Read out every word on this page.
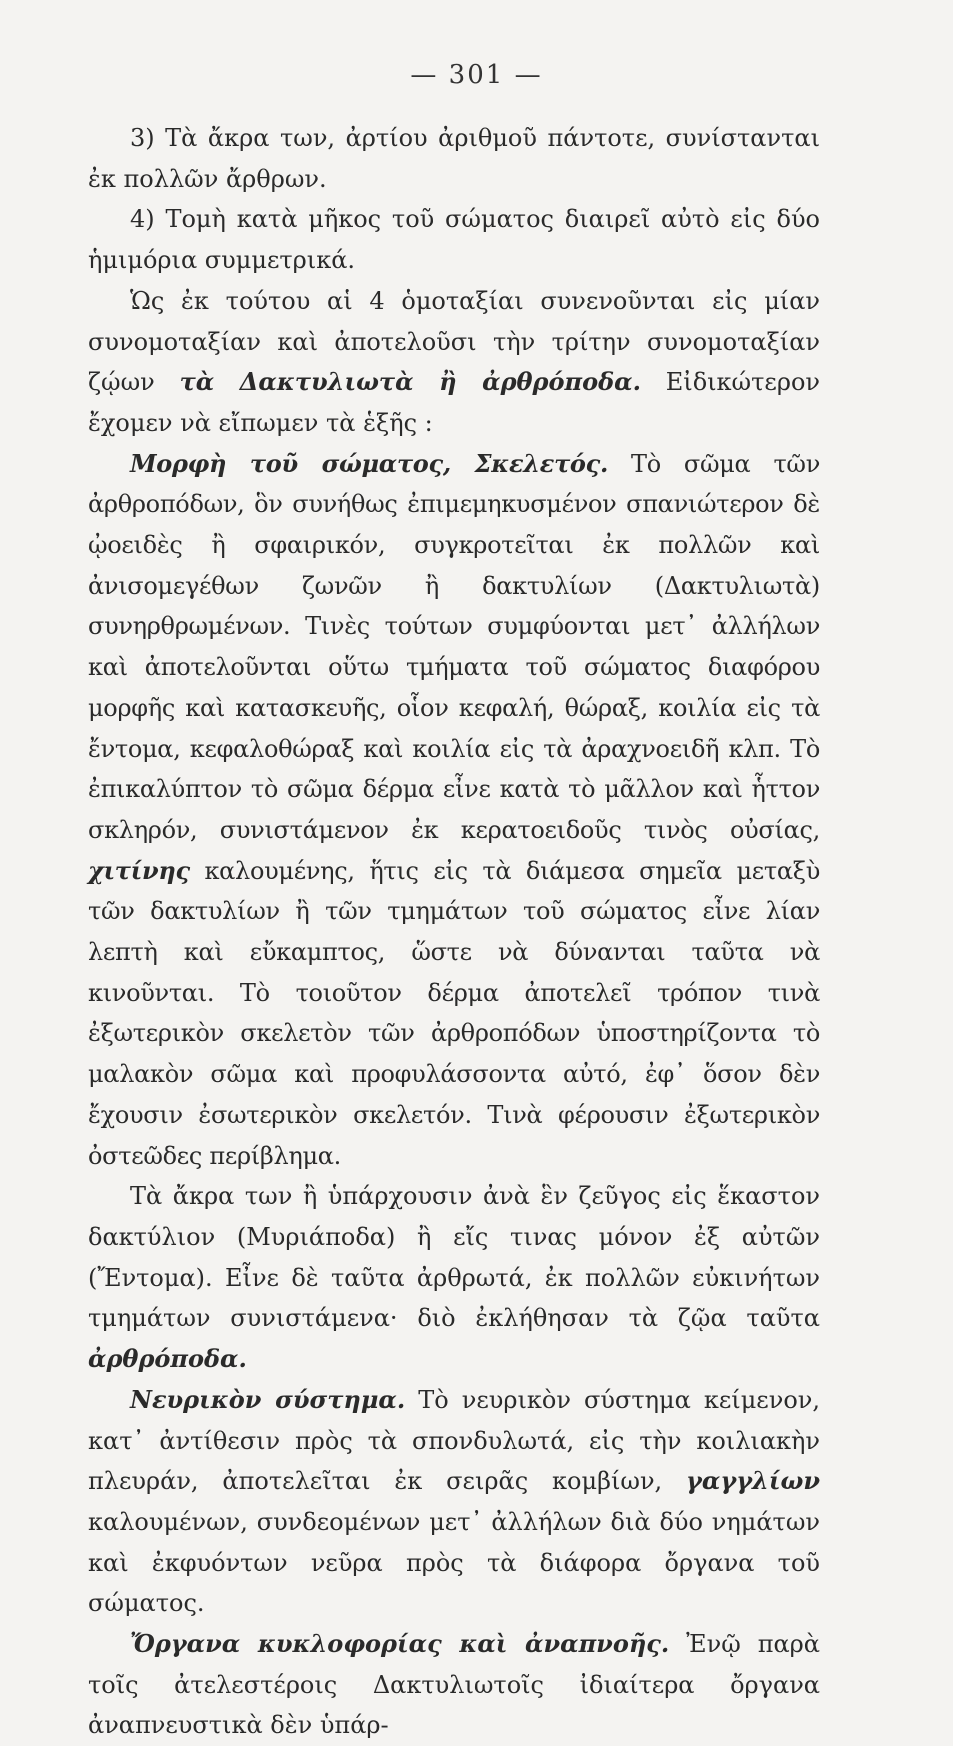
— 301 —

3) Τὰ ἄκρα των, ἀρτίου ἀριθμοῦ πάντοτε, συνίστανται ἐκ πολλῶν ἄρθρων.

4) Τομὴ κατὰ μῆκος τοῦ σώματος διαιρεῖ αὐτὸ εἰς δύο ἡμιμόρια συμμετρικά.

Ὡς ἐκ τούτου αἱ 4 ὁμοταξίαι συνενοῦνται εἰς μίαν συνομοταξίαν καὶ ἀποτελοῦσι τὴν τρίτην συνομοταξίαν ζῴων τὰ Δακτυλιωτὰ ἢ ἀρθρόποδα. Εἰδικώτερον ἔχομεν νὰ εἴπωμεν τὰ ἑξῆς :

Μορφὴ τοῦ σώματος, Σκελετός. Τὸ σῶμα τῶν ἀρθροπόδων, ὃν συνήθως ἐπιμεμηκυσμένον σπανιώτερον δὲ ᾠοειδὲς ἢ σφαιρικόν, συγκροτεῖται ἐκ πολλῶν καὶ ἀνισομεγέθων ζωνῶν ἢ δακτυλίων (Δακτυλιωτὰ) συνηρθρωμένων. Τινὲς τούτων συμφύονται μετ᾽ ἀλλήλων καὶ ἀποτελοῦνται οὕτω τμήματα τοῦ σώματος διαφόρου μορφῆς καὶ κατασκευῆς, οἷον κεφαλή, θώραξ, κοιλία εἰς τὰ ἔντομα, κεφαλοθώραξ καὶ κοιλία εἰς τὰ ἀραχνοειδῆ κλπ. Τὸ ἐπικαλύπτον τὸ σῶμα δέρμα εἶνε κατὰ τὸ μᾶλλον καὶ ἧττον σκληρόν, συνιστάμενον ἐκ κερατοειδοῦς τινὸς οὐσίας, χιτίνης καλουμένης, ἥτις εἰς τὰ διάμεσα σημεῖα μεταξὺ τῶν δακτυλίων ἢ τῶν τμημάτων τοῦ σώματος εἶνε λίαν λεπτὴ καὶ εὔκαμπτος, ὥστε νὰ δύνανται ταῦτα νὰ κινοῦνται. Τὸ τοιοῦτον δέρμα ἀποτελεῖ τρόπον τινὰ ἐξωτερικὸν σκελετὸν τῶν ἀρθροπόδων ὑποστηρίζοντα τὸ μαλακὸν σῶμα καὶ προφυλάσσοντα αὐτό, ἐφ᾽ ὅσον δὲν ἔχουσιν ἐσωτερικὸν σκελετόν. Τινὰ φέρουσιν ἐξωτερικὸν ὀστεῶδες περίβλημα.

Τὰ ἄκρα των ἢ ὑπάρχουσιν ἀνὰ ἓν ζεῦγος εἰς ἕκαστον δακτύλιον (Μυριάποδα) ἢ εἴς τινας μόνον ἐξ αὐτῶν (Ἔντομα). Εἶνε δὲ ταῦτα ἀρθρωτά, ἐκ πολλῶν εὐκινήτων τμημάτων συνιστάμενα· διὸ ἐκλήθησαν τὰ ζῷα ταῦτα ἀρθρόποδα.

Νευρικὸν σύστημα. Τὸ νευρικὸν σύστημα κείμενον, κατ᾽ ἀντίθεσιν πρὸς τὰ σπονδυλωτά, εἰς τὴν κοιλιακὴν πλευράν, ἀποτελεῖται ἐκ σειρᾶς κομβίων, γαγγλίων καλουμένων, συνδεομένων μετ᾽ ἀλλήλων διὰ δύο νημάτων καὶ ἐκφυόντων νεῦρα πρὸς τὰ διάφορα ὄργανα τοῦ σώματος.

Ὄργανα κυκλοφορίας καὶ ἀναπνοῆς. Ἐνῷ παρὰ τοῖς ἀτελεστέροις Δακτυλιωτοῖς ἰδιαίτερα ὄργανα ἀναπνευστικὰ δὲν ὑπάρ-
